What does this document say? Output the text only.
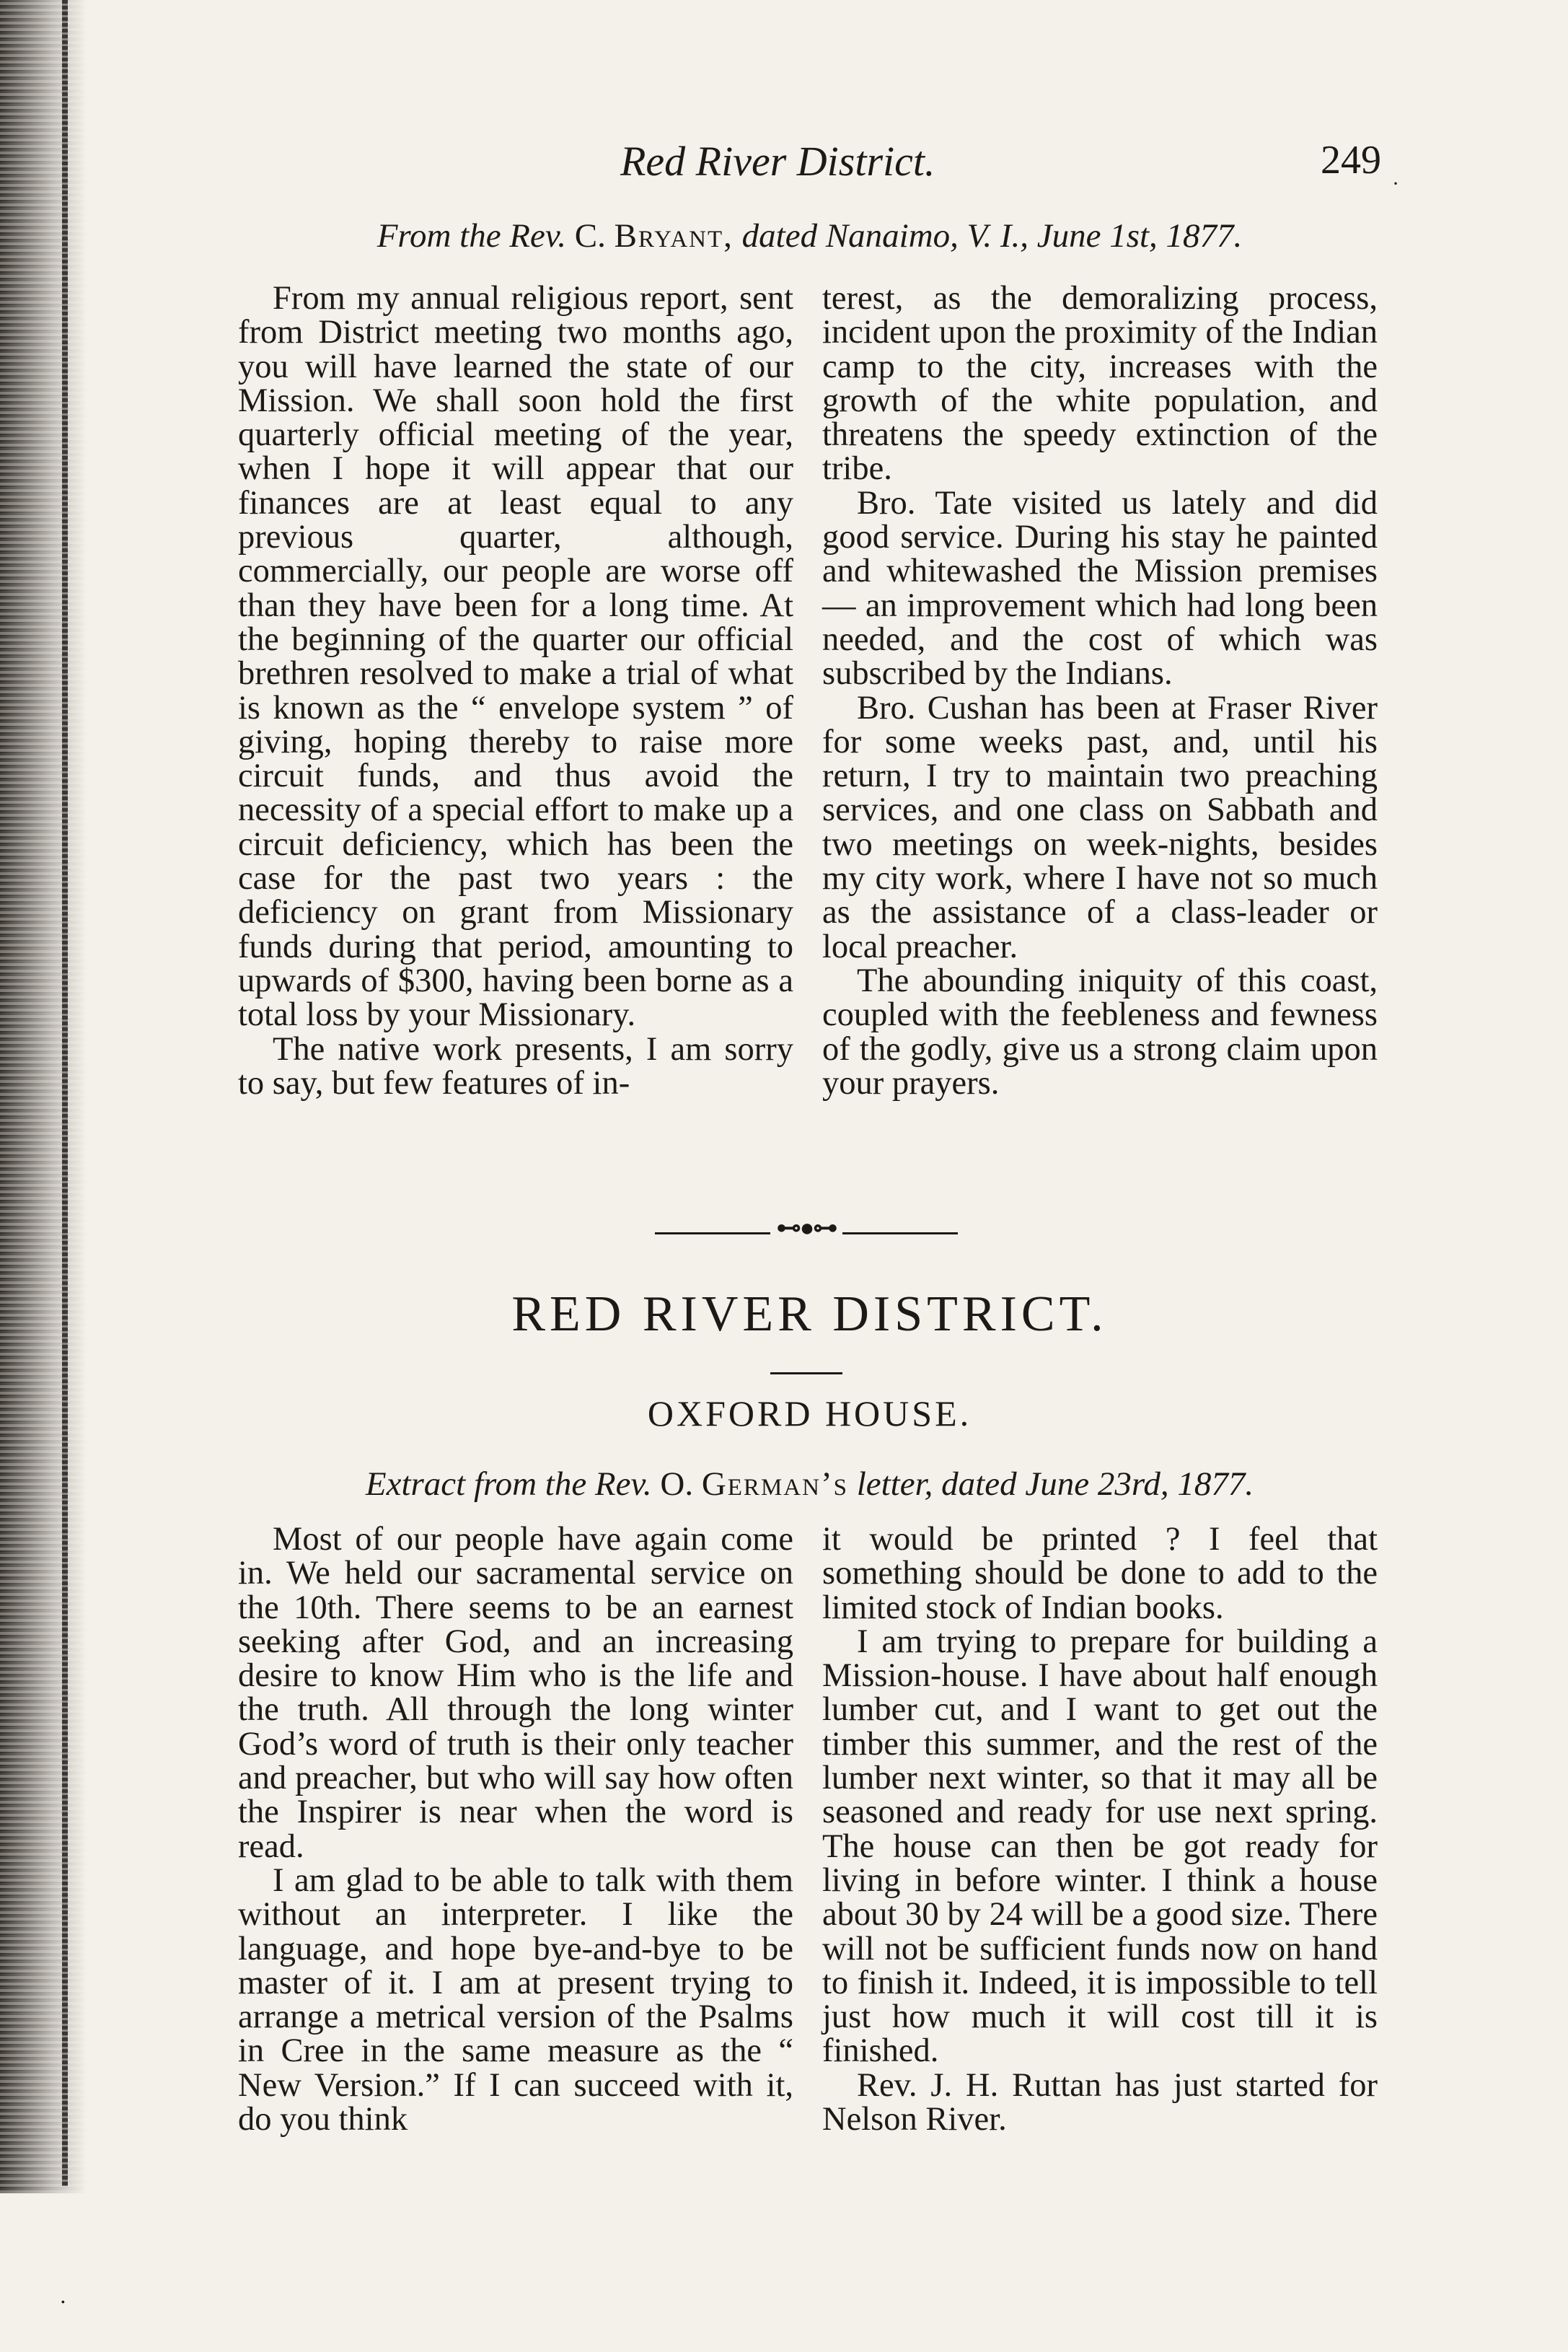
Red River District.	249
·
From the Rev. C. Bryant, dated Nanaimo, V. I., June 1st, 1877.

From my annual religious report, sent from District meeting two months ago, you will have learned the state of our Mission. We shall soon hold the first quarterly official meeting of the year, when I hope it will appear that our finances are at least equal to any previous quarter, although, commercially, our people are worse off than they have been for a long time. At the beginning of the quarter our official brethren resolved to make a trial of what is known as the “ envelope system ” of giving, hoping thereby to raise more circuit funds, and thus avoid the necessity of a special effort to make up a circuit deficiency, which has been the case for the past two years : the deficiency on grant from Missionary funds during that period, amounting to upwards of $300, having been borne as a total loss by your Missionary.

The native work presents, I am sorry to say, but few features of in-

terest, as the demoralizing process, incident upon the proximity of the Indian camp to the city, increases with the growth of the white population, and threatens the speedy extinction of the tribe.

Bro. Tate visited us lately and did good service. During his stay he painted and whitewashed the Mission premises — an improvement which had long been needed, and the cost of which was subscribed by the Indians.

Bro. Cushan has been at Fraser River for some weeks past, and, until his return, I try to maintain two preaching services, and one class on Sabbath and two meetings on week-nights, besides my city work, where I have not so much as the assistance of a class-leader or local preacher.

The abounding iniquity of this coast, coupled with the feebleness and fewness of the godly, give us a strong claim upon your prayers.

⊷●⊶
RED RIVER DISTRICT.
OXFORD HOUSE.
Extract from the Rev. O. German’s letter, dated June 23rd, 1877.

Most of our people have again come in. We held our sacramental service on the 10th. There seems to be an earnest seeking after God, and an increasing desire to know Him who is the life and the truth. All through the long winter God’s word of truth is their only teacher and preacher, but who will say how often the Inspirer is near when the word is read.

I am glad to be able to talk with them without an interpreter. I like the language, and hope bye-and-bye to be master of it. I am at present trying to arrange a metrical version of the Psalms in Cree in the same measure as the “ New Version.” If I can succeed with it, do you think

it would be printed ? I feel that something should be done to add to the limited stock of Indian books.

I am trying to prepare for building a Mission-house. I have about half enough lumber cut, and I want to get out the timber this summer, and the rest of the lumber next winter, so that it may all be seasoned and ready for use next spring. The house can then be got ready for living in before winter. I think a house about 30 by 24 will be a good size. There will not be sufficient funds now on hand to finish it. Indeed, it is impossible to tell just how much it will cost till it is finished.

Rev. J. H. Ruttan has just started for Nelson River.

·
